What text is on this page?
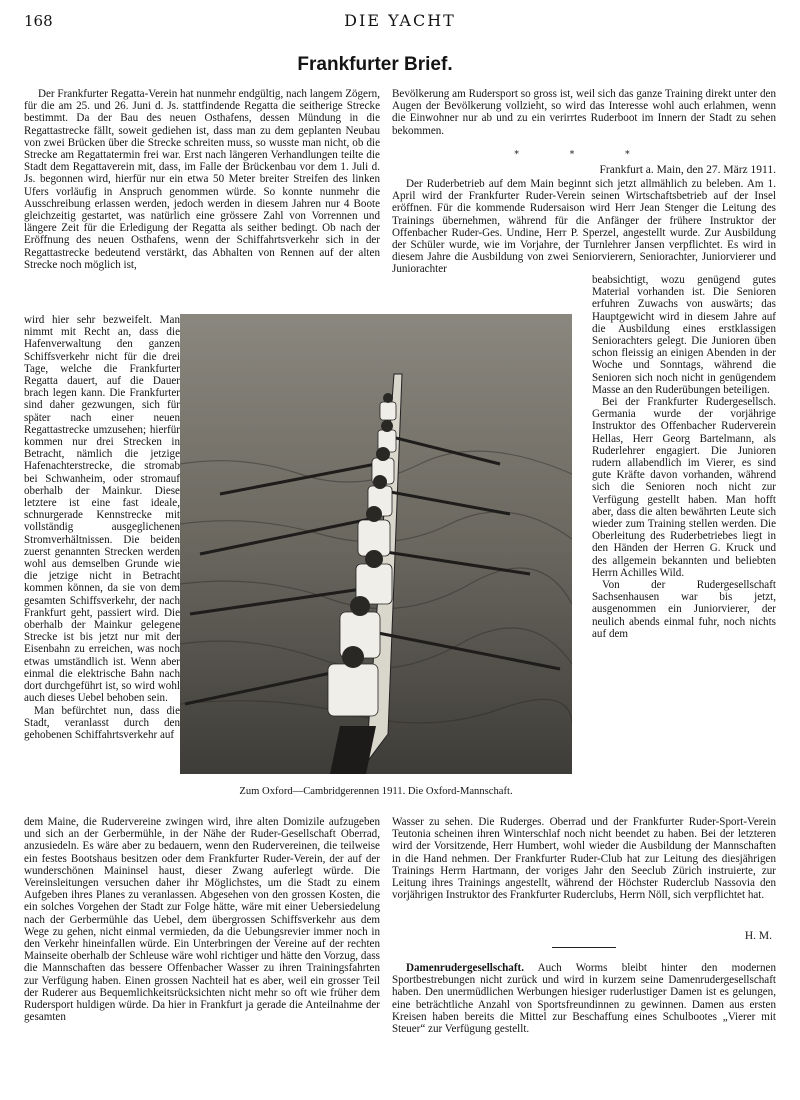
168	DIE YACHT
Frankfurter Brief.

Der Frankfurter Regatta-Verein hat nunmehr endgültig, nach langem Zögern, für die am 25. und 26. Juni d. Js. stattfindende Regatta die seitherige Strecke bestimmt. Da der Bau des neuen Osthafens, dessen Mündung in die Regattastrecke fällt, soweit gediehen ist, dass man zu dem geplanten Neubau von zwei Brücken über die Strecke schreiten muss, so wusste man nicht, ob die Strecke am Regattatermin frei war. Erst nach längeren Verhandlungen teilte die Stadt dem Regattaverein mit, dass, im Falle der Brückenbau vor dem 1. Juli d. Js. begonnen wird, hierfür nur ein etwa 50 Meter breiter Streifen des linken Ufers vorläufig in Anspruch genommen würde. So konnte nunmehr die Ausschreibung erlassen werden, jedoch werden in diesem Jahren nur 4 Boote gleichzeitig gestartet, was natürlich eine grössere Zahl von Vorrennen und längere Zeit für die Erledigung der Regatta als seither bedingt. Ob nach der Eröffnung des neuen Osthafens, wenn der Schiffahrtsverkehr sich in der Regattastrecke bedeutend verstärkt, das Abhalten von Rennen auf der alten Strecke noch möglich ist,

Bevölkerung am Rudersport so gross ist, weil sich das ganze Training direkt unter den Augen der Bevölkerung vollzieht, so wird das Interesse wohl auch erlahmen, wenn die Einwohner nur ab und zu ein verirrtes Ruderboot im Innern der Stadt zu sehen bekommen.

* * *
Frankfurt a. Main, den 27. März 1911.

Der Ruderbetrieb auf dem Main beginnt sich jetzt allmählich zu beleben. Am 1. April wird der Frankfurter Ruder-Verein seinen Wirtschaftsbetrieb auf der Insel eröffnen. Für die kommende Rudersaison wird Herr Jean Stenger die Leitung des Trainings übernehmen, während für die Anfänger der frühere Instruktor der Offenbacher Ruder-Ges. Undine, Herr P. Sperzel, angestellt wurde. Zur Ausbildung der Schüler wurde, wie im Vorjahre, der Turnlehrer Jansen verpflichtet. Es wird in diesem Jahre die Ausbildung von zwei Seniorvierern, Seniorachter, Juniorvierer und Juniorachter

wird hier sehr bezweifelt. Man nimmt mit Recht an, dass die Hafenverwaltung den ganzen Schiffsverkehr nicht für die drei Tage, welche die Frankfurter Regatta dauert, auf die Dauer brach legen kann. Die Frankfurter sind daher gezwungen, sich für später nach einer neuen Regattastrecke umzusehen; hierfür kommen nur drei Strecken in Betracht, nämlich die jetzige Hafenachterstrecke, die stromab bei Schwanheim, oder stromauf oberhalb der Mainkur. Diese letztere ist eine fast ideale, schnurgerade Kennstrecke mit vollständig ausgeglichenen Stromverhältnissen. Die beiden zuerst genannten Strecken werden wohl aus demselben Grunde wie die jetzige nicht in Betracht kommen können, da sie von dem gesamten Schiffsverkehr, der nach Frankfurt geht, passiert wird. Die oberhalb der Mainkur gelegene Strecke ist bis jetzt nur mit der Eisenbahn zu erreichen, was noch etwas umständlich ist. Wenn aber einmal die elektrische Bahn nach dort durchgeführt ist, so wird wohl auch dieses Uebel behoben sein.

Man befürchtet nun, dass die Stadt, veranlasst durch den gehobenen Schiffahrtsverkehr auf

Zum Oxford—Cambridgerennen 1911. Die Oxford-Mannschaft.

beabsichtigt, wozu genügend gutes Material vorhanden ist. Die Senioren erfuhren Zuwachs von auswärts; das Hauptgewicht wird in diesem Jahre auf die Ausbildung eines erstklassigen Seniorachters gelegt. Die Junioren üben schon fleissig an einigen Abenden in der Woche und Sonntags, während die Senioren sich noch nicht in genügendem Masse an den Ruderübungen beteiligen.

Bei der Frankfurter Rudergesellsch. Germania wurde der vorjährige Instruktor des Offenbacher Ruderverein Hellas, Herr Georg Bartelmann, als Ruderlehrer engagiert. Die Junioren rudern allabendlich im Vierer, es sind gute Kräfte davon vorhanden, während sich die Senioren noch nicht zur Verfügung gestellt haben. Man hofft aber, dass die alten bewährten Leute sich wieder zum Training stellen werden. Die Oberleitung des Ruderbetriebes liegt in den Händen der Herren G. Kruck und des allgemein bekannten und beliebten Herrn Achilles Wild.

Von der Rudergesellschaft Sachsenhausen war bis jetzt, ausgenommen ein Juniorvierer, der neulich abends einmal fuhr, noch nichts auf dem

dem Maine, die Rudervereine zwingen wird, ihre alten Domizile aufzugeben und sich an der Gerbermühle, in der Nähe der Ruder-Gesellschaft Oberrad, anzusiedeln. Es wäre aber zu bedauern, wenn den Rudervereinen, die teilweise ein festes Bootshaus besitzen oder dem Frankfurter Ruder-Verein, der auf der wunderschönen Maininsel haust, dieser Zwang auferlegt würde. Die Vereinsleitungen versuchen daher ihr Möglichstes, um die Stadt zu einem Aufgeben ihres Planes zu veranlassen. Abgesehen von den grossen Kosten, die ein solches Vorgehen der Stadt zur Folge hätte, wäre mit einer Uebersiedelung nach der Gerbermühle das Uebel, dem übergrossen Schiffsverkehr aus dem Wege zu gehen, nicht einmal vermieden, da die Uebungsrevier immer noch in den Verkehr hineinfallen würde. Ein Unterbringen der Vereine auf der rechten Mainseite oberhalb der Schleuse wäre wohl richtiger und hätte den Vorzug, dass die Mannschaften das bessere Offenbacher Wasser zu ihren Trainingsfahrten zur Verfügung haben. Einen grossen Nachteil hat es aber, weil ein grosser Teil der Ruderer aus Bequemlichkeitsrücksichten nicht mehr so oft wie früher dem Rudersport huldigen würde. Da hier in Frankfurt ja gerade die Anteilnahme der gesamten

Wasser zu sehen. Die Ruderges. Oberrad und der Frankfurter Ruder-Sport-Verein Teutonia scheinen ihren Winterschlaf noch nicht beendet zu haben. Bei der letzteren wird der Vorsitzende, Herr Humbert, wohl wieder die Ausbildung der Mannschaften in die Hand nehmen. Der Frankfurter Ruder-Club hat zur Leitung des diesjährigen Trainings Herrn Hartmann, der voriges Jahr den Seeclub Zürich instruierte, zur Leitung ihres Trainings angestellt, während der Höchster Ruderclub Nassovia den vorjährigen Instruktor des Frankfurter Ruderclubs, Herrn Nöll, sich verpflichtet hat.

H. M.

Damenrudergesellschaft. Auch Worms bleibt hinter den modernen Sportbestrebungen nicht zurück und wird in kurzem seine Damenrudergesellschaft haben. Den unermüdlichen Werbungen hiesiger ruderlustiger Damen ist es gelungen, eine beträchtliche Anzahl von Sportsfreundinnen zu gewinnen. Damen aus ersten Kreisen haben bereits die Mittel zur Beschaffung eines Schulbootes „Vierer mit Steuer“ zur Verfügung gestellt.
